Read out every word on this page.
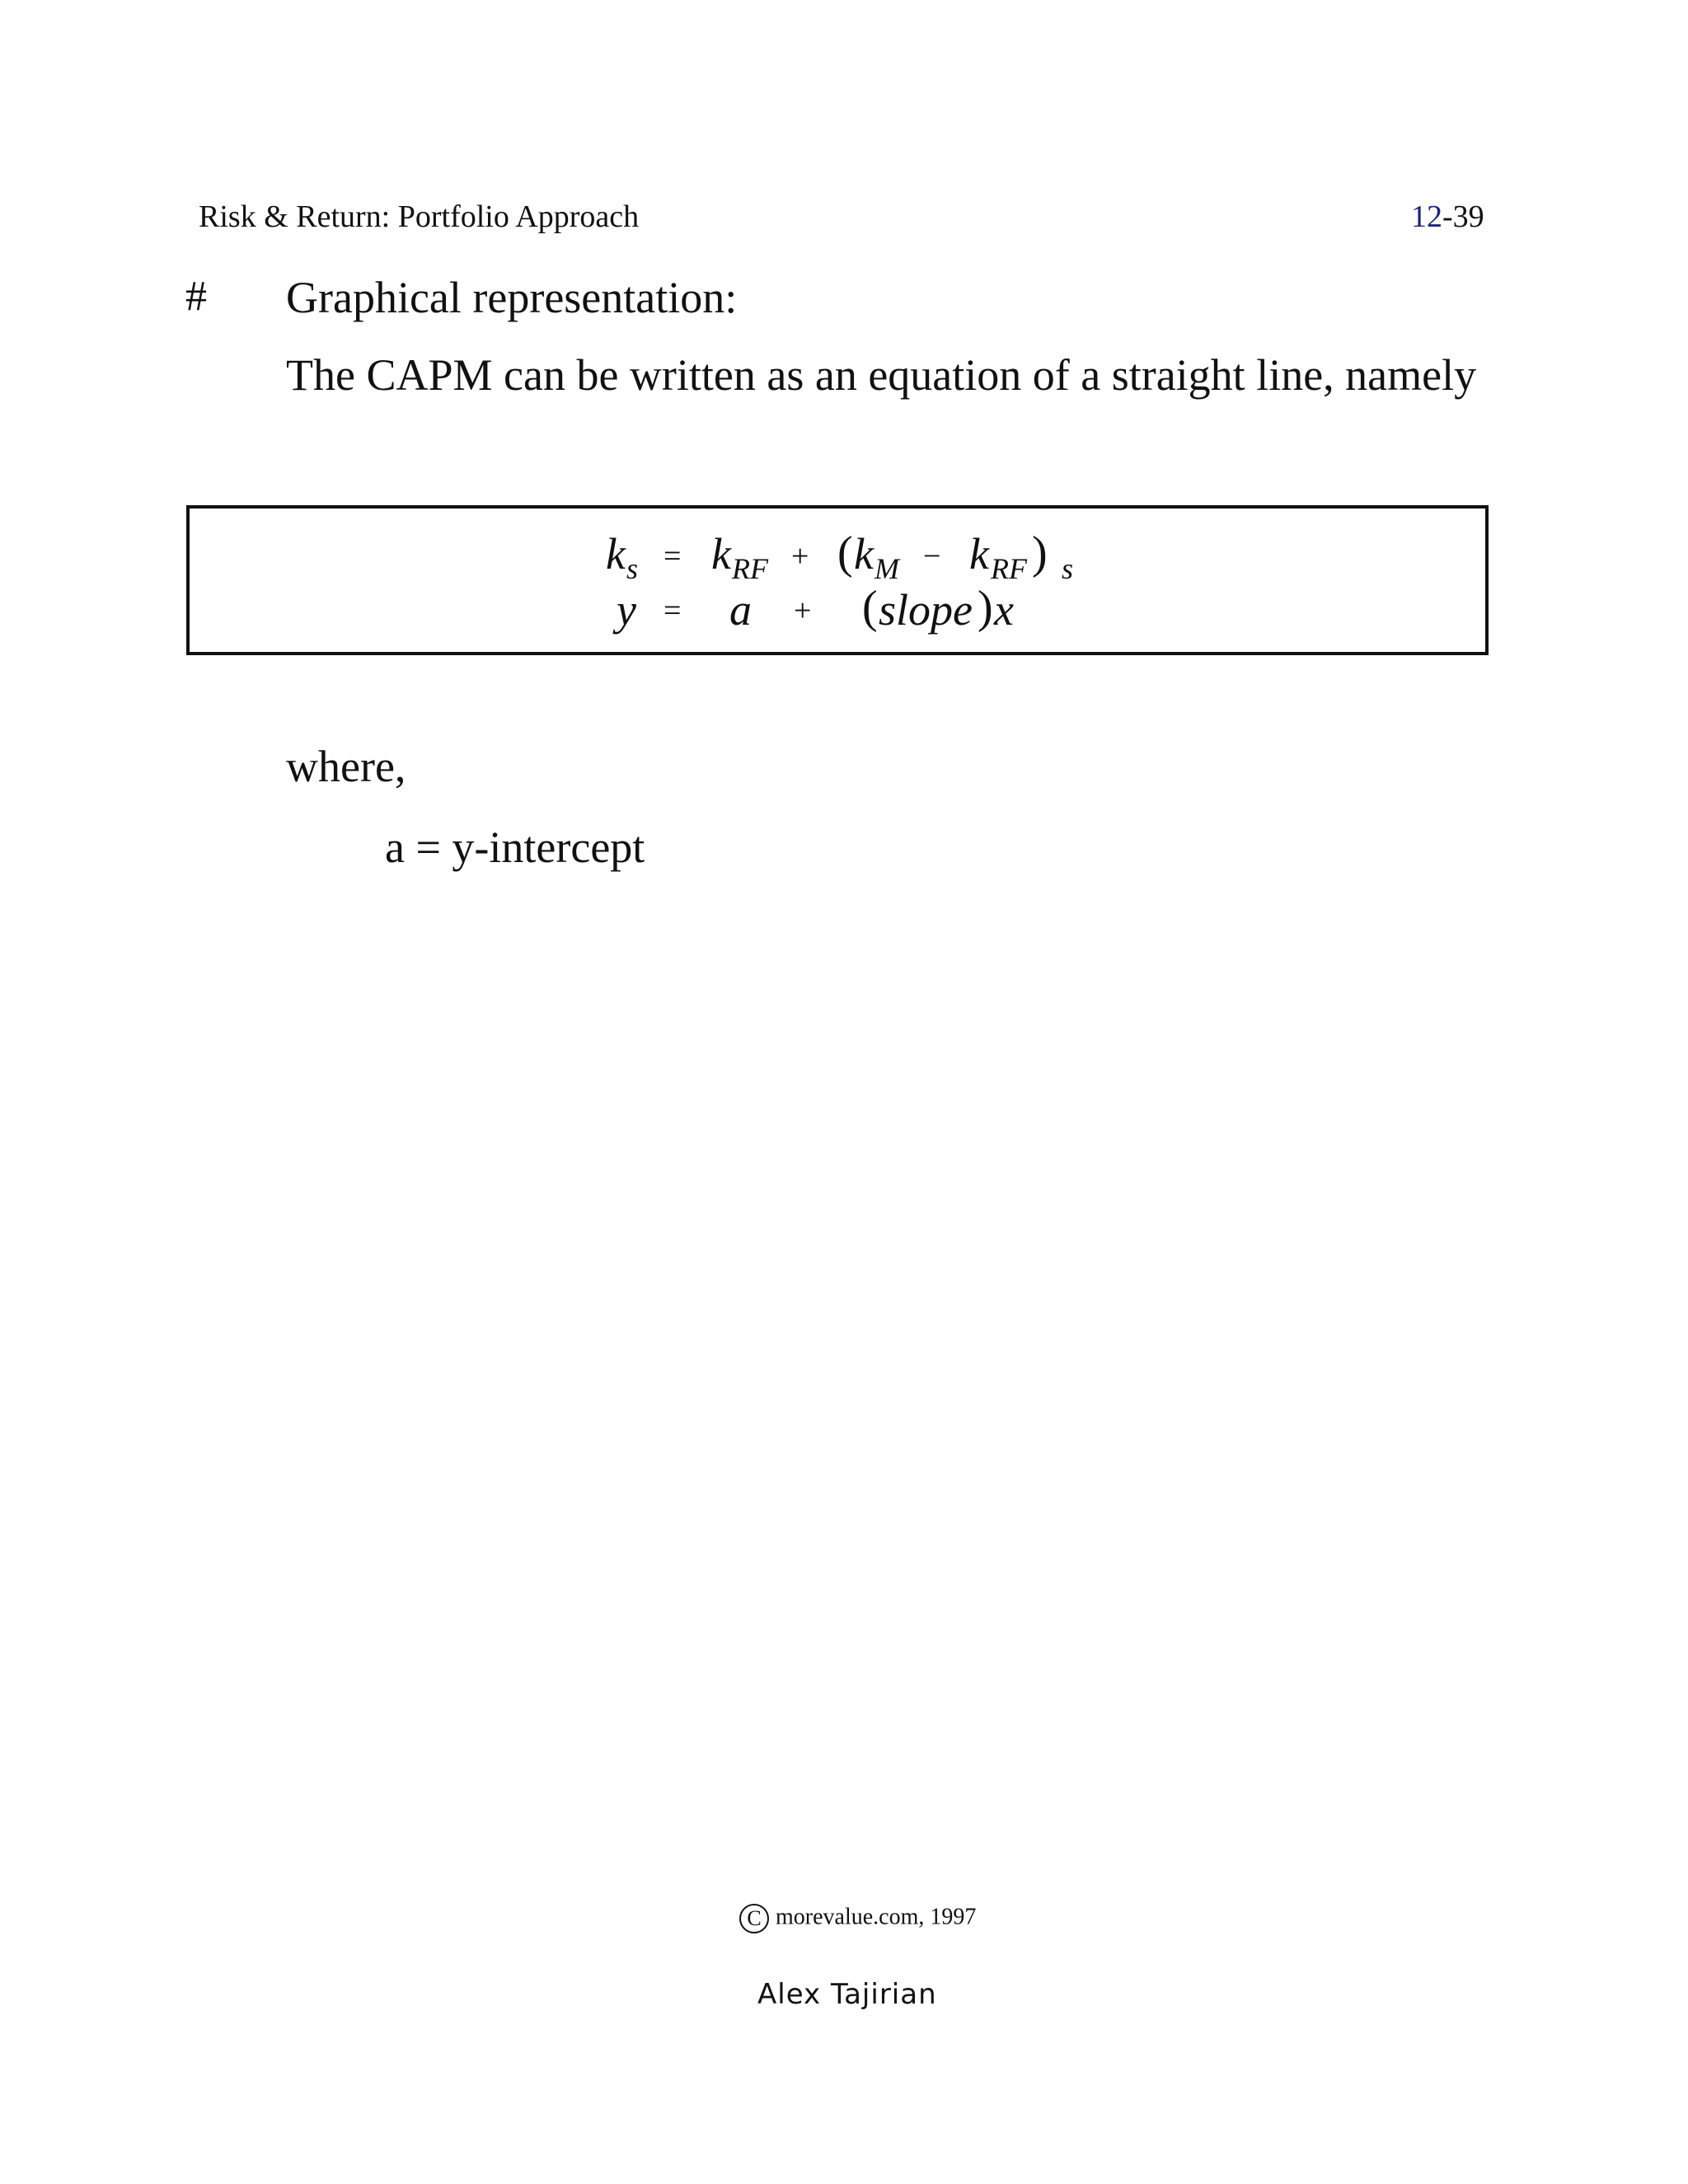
Risk & Return: Portfolio Approach	12-39
# Graphical representation:
The CAPM can be written as an equation of a straight line, namely
k s = k RF + ( k M − k RF ) s
y = a + ( slope ) x
where,
a = y-intercept
C morevalue.com, 1997
Alex Tajirian
